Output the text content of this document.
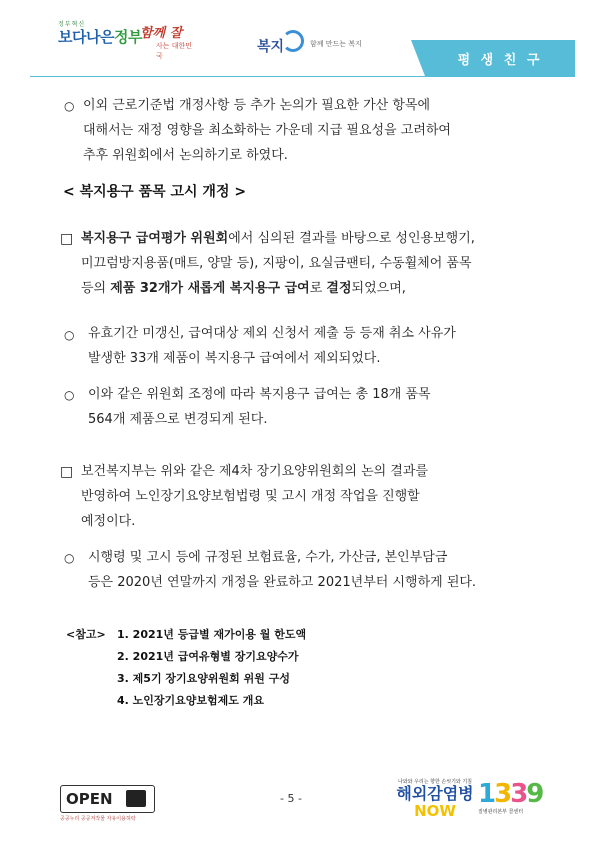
정부혁신
보다나은정부
함께 잘
사는 대한민국
복지	함께 만드는 복지
평 생 친 구
○ 이외 근로기준법 개정사항 등 추가 논의가 필요한 가산 항목에
대해서는 재정 영향을 최소화하는 가운데 지급 필요성을 고려하여
추후 위원회에서 논의하기로 하였다.
< 복지용구 품목 고시 개정 >
□ 복지용구 급여평가 위원회에서 심의된 결과를 바탕으로 성인용보행기,
미끄럼방지용품(매트, 양말 등), 지팡이, 요실금팬티, 수동휠체어 품목
등의 제품 32개가 새롭게 복지용구 급여로 결정되었으며,
○ 유효기간 미갱신, 급여대상 제외 신청서 제출 등 등재 취소 사유가
발생한 33개 제품이 복지용구 급여에서 제외되었다.
○ 이와 같은 위원회 조정에 따라 복지용구 급여는 총 18개 품목
564개 제품으로 변경되게 된다.
□ 보건복지부는 위와 같은 제4차 장기요양위원회의 논의 결과를
반영하여 노인장기요양보험법령 및 고시 개정 작업을 진행할
예정이다.
○ 시행령 및 고시 등에 규정된 보험료율, 수가, 가산금, 본인부담금
등은 2020년 연말까지 개정을 완료하고 2021년부터 시행하게 된다.
<참고> 1. 2021년 등급별 재가이용 월 한도액
2. 2021년 급여유형별 장기요양수가
3. 제5기 장기요양위원회 위원 구성
4. 노인장기요양보험제도 개요
OPEN
공공누리 공공저작물 자유이용허락
- 5 -
나와와 우리는 향한 손씻기와 기침
해외감염병
NOW
1339
질병관리본부 콜센터
